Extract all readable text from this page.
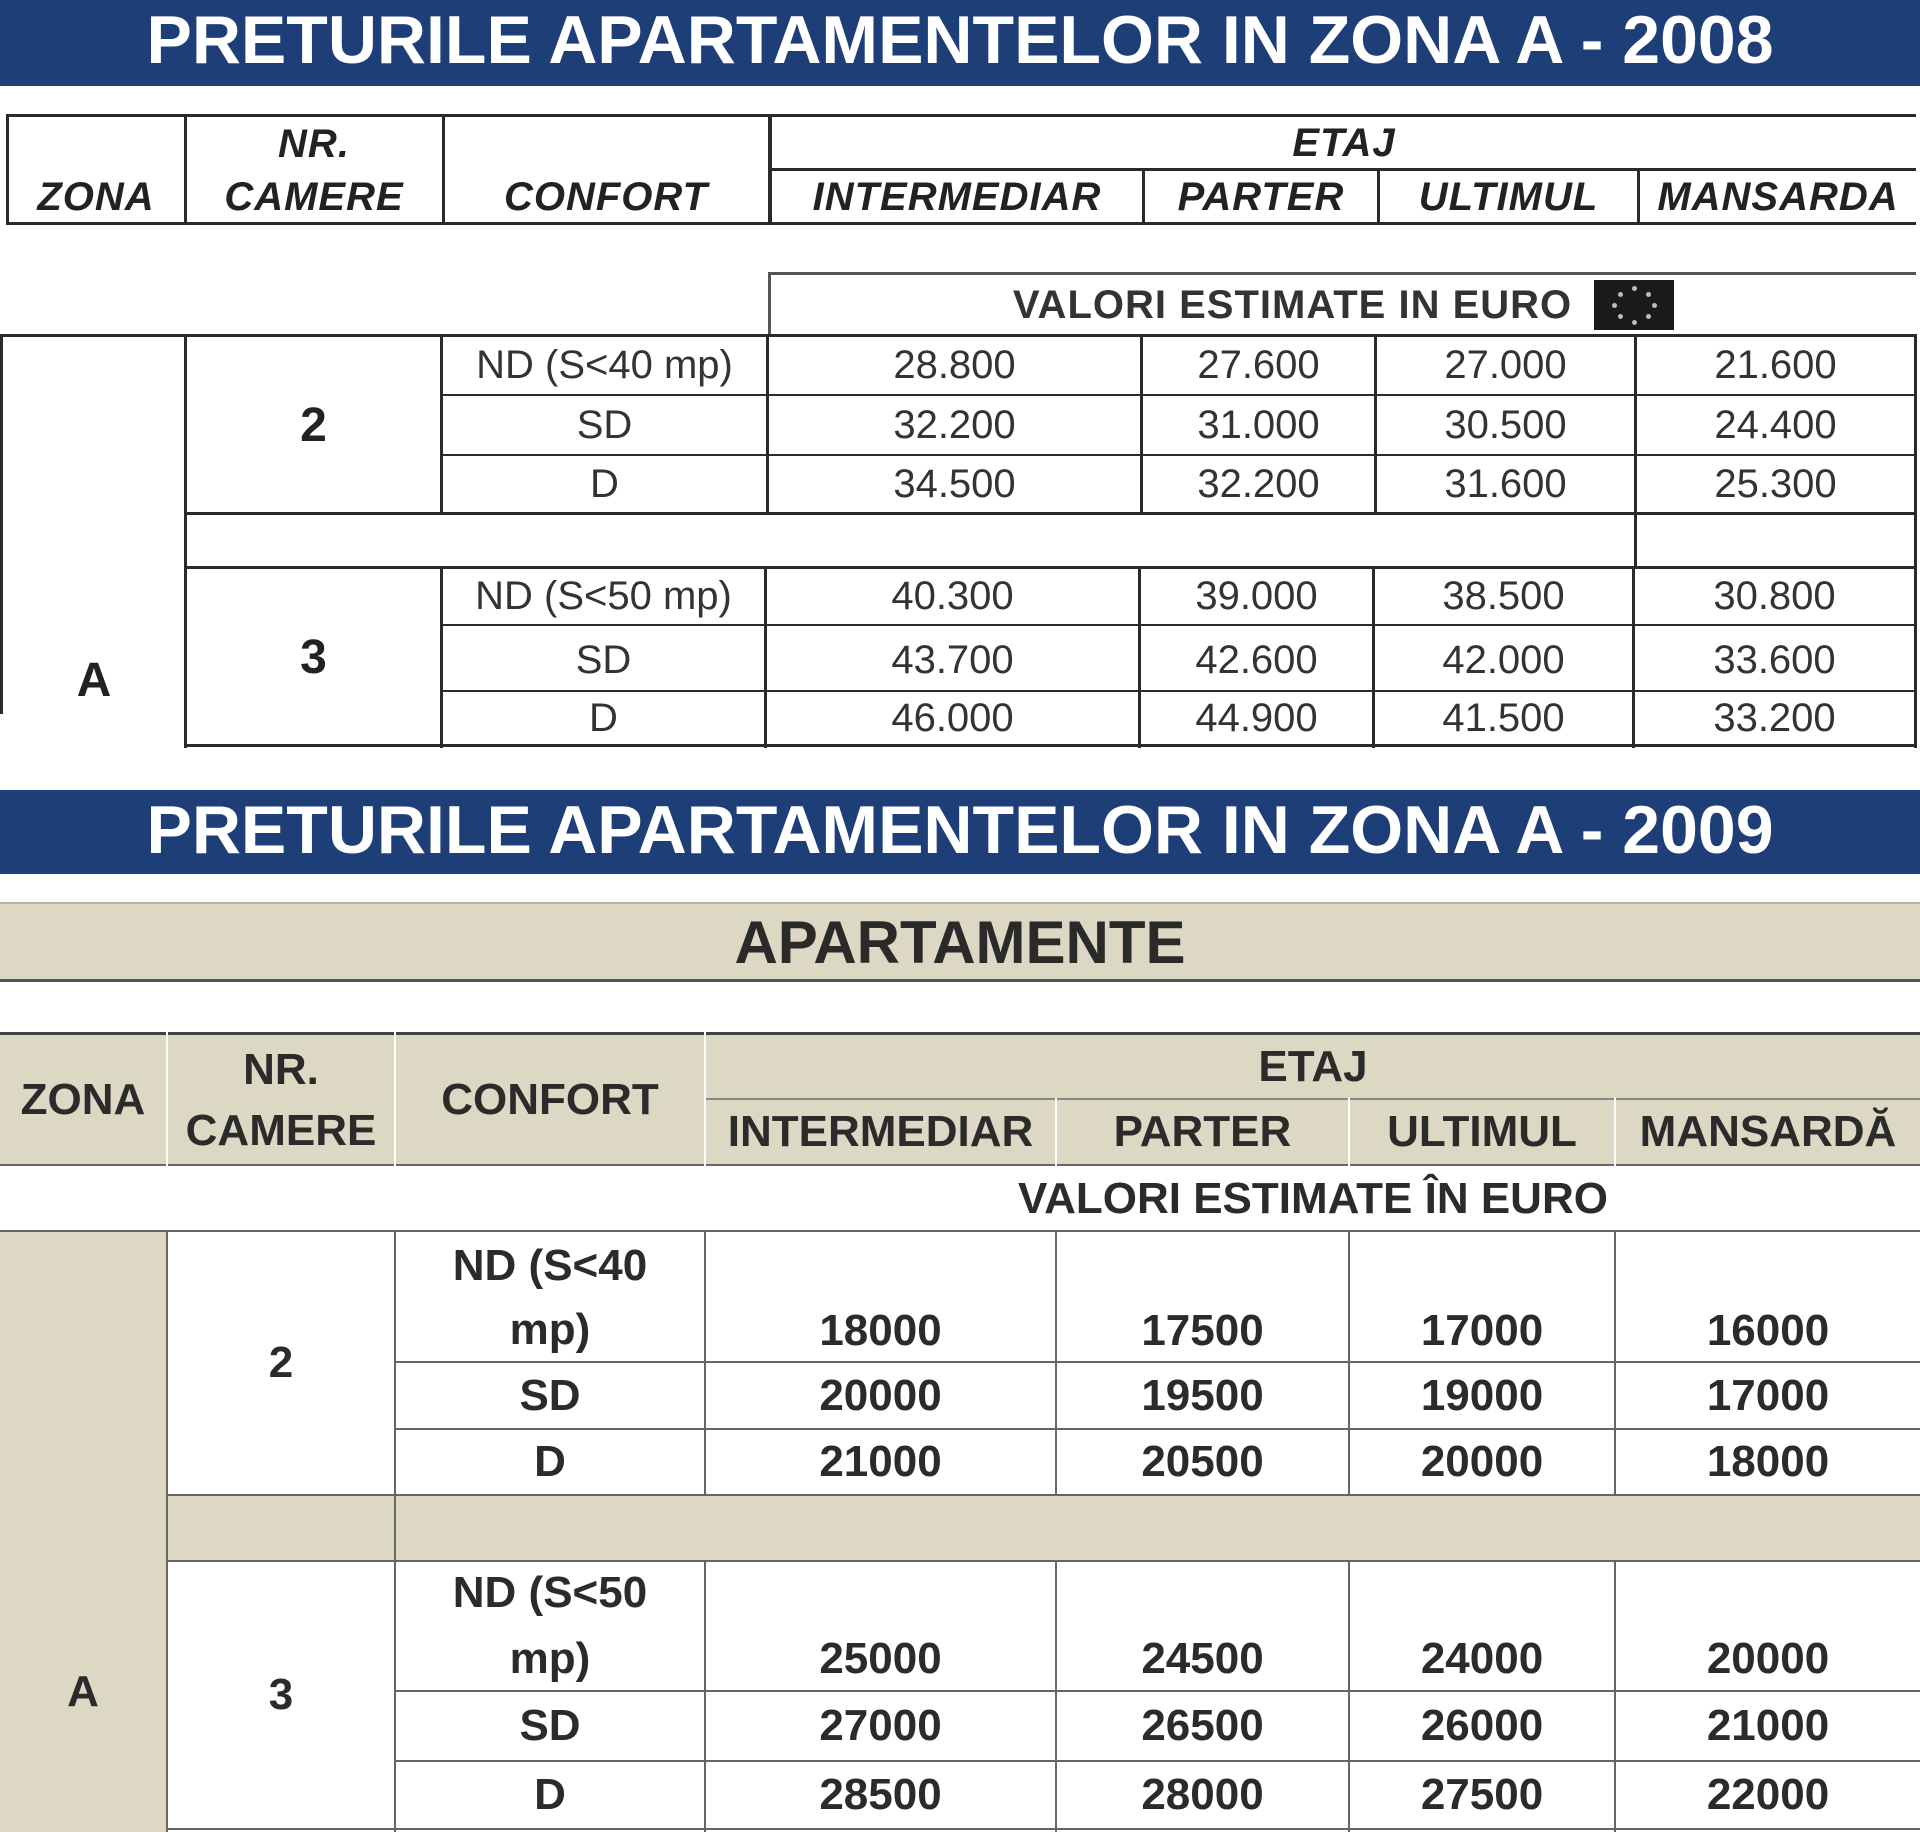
PRETURILE APARTAMENTELOR IN ZONA A - 2008
ZONA
NR.
CAMERE	CONFORT
ETAJ
INTERMEDIAR	PARTER	ULTIMUL	MANSARDA
VALORI ESTIMATE IN EURO
A
2
3
ND (S<40 mp)	28.800	27.600	27.000	21.600
SD	32.200	31.000	30.500	24.400
D	34.500	32.200	31.600	25.300
ND (S<50 mp)	40.300	39.000	38.500	30.800
SD	43.700	42.600	42.000	33.600
D	46.000	44.900	41.500	33.200
PRETURILE APARTAMENTELOR IN ZONA A - 2009
APARTAMENTE
ZONA
NR.
CAMERE
CONFORT
ETAJ
INTERMEDIAR	PARTER	ULTIMUL	MANSARDĂ
VALORI ESTIMATE ÎN EURO
A
2
3
ND (S<40
mp)	18000	17500	17000	16000
SD	20000	19500	19000	17000
D	21000	20500	20000	18000
ND (S<50
mp)	25000	24500	24000	20000
SD	27000	26500	26000	21000
D	28500	28000	27500	22000
